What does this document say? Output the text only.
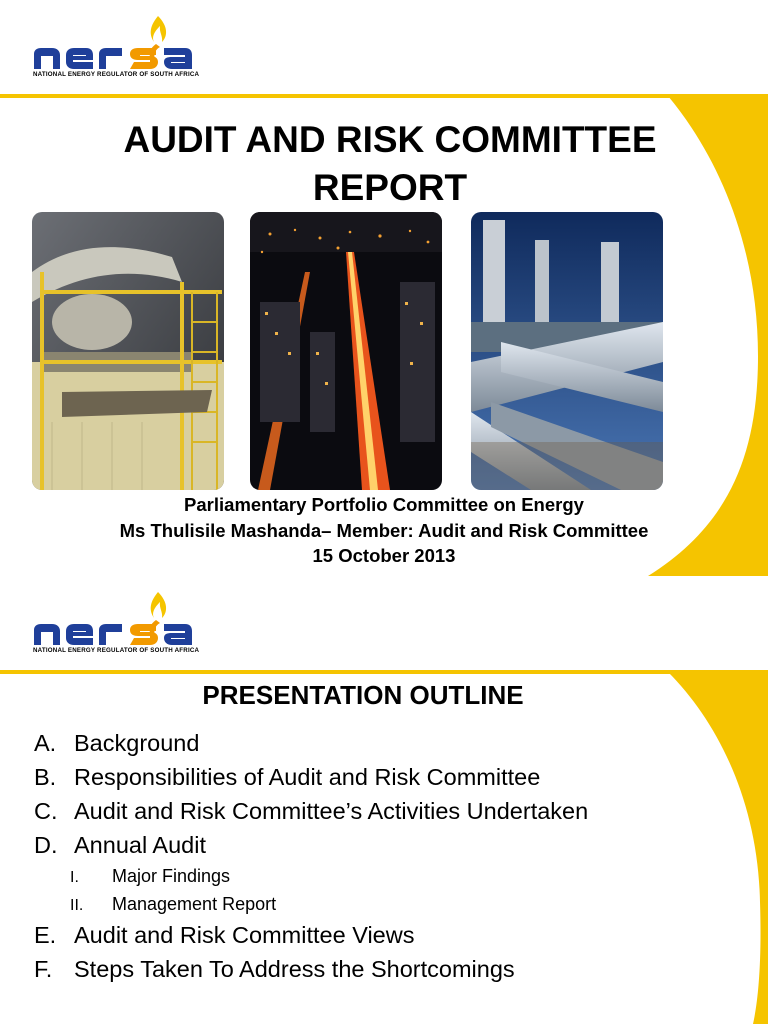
NATIONAL ENERGY REGULATOR OF SOUTH AFRICA
AUDIT AND RISK COMMITTEE
REPORT
Parliamentary Portfolio Committee on Energy
Ms Thulisile Mashanda– Member: Audit and Risk Committee
15 October 2013
NATIONAL ENERGY REGULATOR OF SOUTH AFRICA
PRESENTATION OUTLINE
A. Background
B. Responsibilities of Audit and Risk Committee
C. Audit and Risk Committee’s Activities Undertaken
D. Annual Audit
I.	Major Findings
II.	Management Report
E. Audit and Risk Committee Views
F. Steps Taken To Address the Shortcomings
